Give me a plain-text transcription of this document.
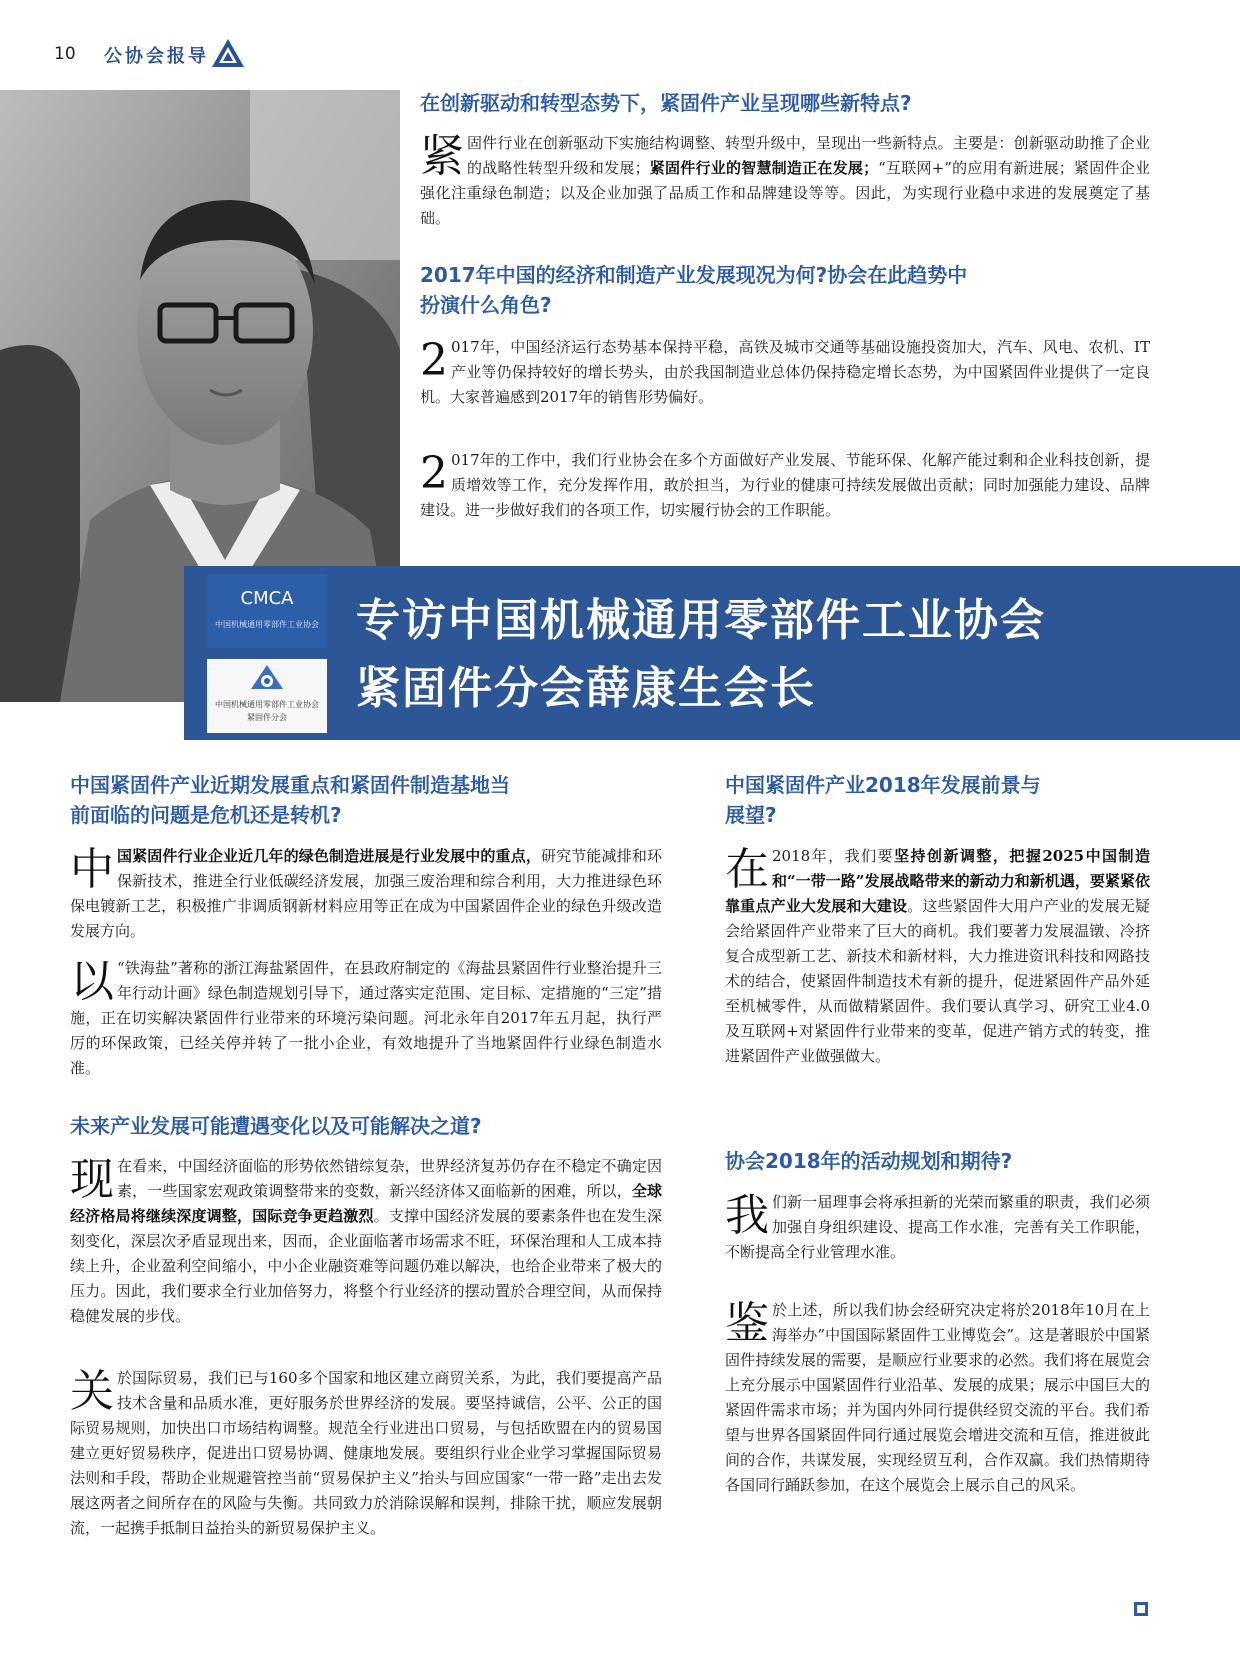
10 公协会报导
在创新驱动和转型态势下，紧固件产业呈现哪些新特点?

紧固件行业在创新驱动下实施结构调整、转型升级中，呈现出一些新特点。主要是：创新驱动助推了企业的战略性转型升级和发展；紧固件行业的智慧制造正在发展；“互联网+”的应用有新进展；紧固件企业强化注重绿色制造；以及企业加强了品质工作和品牌建设等等。因此，为实现行业稳中求进的发展奠定了基础。

2017年中国的经济和制造产业发展现况为何?协会在此趋势中
扮演什么角色?

2 017年，中国经济运行态势基本保持平稳，高铁及城市交通等基础设施投资加大，汽车、风电、农机、IT产业等仍保持较好的增长势头，由於我国制造业总体仍保持稳定增长态势，为中国紧固件业提供了一定良机。大家普遍感到2017年的销售形势偏好。

2 017年的工作中，我们行业协会在多个方面做好产业发展、节能环保、化解产能过剩和企业科技创新，提质增效等工作，充分发挥作用，敢於担当，为行业的健康可持续发展做出贡献；同时加强能力建设、品牌建设。进一步做好我们的各项工作，切实履行协会的工作职能。

CMCA
中国机械通用零部件工业协会
中国机械通用零部件工业协会
紧固件分会
专访中国机械通用零部件工业协会
紧固件分会薛康生会长
中国紧固件产业近期发展重点和紧固件制造基地当
前面临的问题是危机还是转机?

中国紧固件行业企业近几年的绿色制造进展是行业发展中的重点，研究节能减排和环保新技术，推进全行业低碳经济发展，加强三废治理和综合利用，大力推进绿色环保电镀新工艺，积极推广非调质钢新材料应用等正在成为中国紧固件企业的绿色升级改造发展方向。

以 “铁海盐”著称的浙江海盐紧固件，在县政府制定的《海盐县紧固件行业整治提升三年行动计画》绿色制造规划引导下，通过落实定范围、定目标、定措施的“三定”措施，正在切实解决紧固件行业带来的环境污染问题。河北永年自2017年五月起，执行严厉的环保政策，已经关停并转了一批小企业，有效地提升了当地紧固件行业绿色制造水准。

未来产业发展可能遭遇变化以及可能解决之道?

现在看来，中国经济面临的形势依然错综复杂，世界经济复苏仍存在不稳定不确定因素，一些国家宏观政策调整带来的变数，新兴经济体又面临新的困难，所以，全球经济格局将继续深度调整，国际竞争更趋激烈。支撑中国经济发展的要素条件也在发生深刻变化，深层次矛盾显现出来，因而，企业面临著市场需求不旺，环保治理和人工成本持续上升，企业盈利空间缩小，中小企业融资难等问题仍难以解决，也给企业带来了极大的压力。因此，我们要求全行业加倍努力，将整个行业经济的摆动置於合理空间，从而保持稳健发展的步伐。

关於国际贸易，我们已与160多个国家和地区建立商贸关系，为此，我们要提高产品技术含量和品质水准，更好服务於世界经济的发展。要坚持诚信，公平、公正的国际贸易规则，加快出口市场结构调整。规范全行业进出口贸易，与包括欧盟在内的贸易国建立更好贸易秩序，促进出口贸易协调、健康地发展。要组织行业企业学习掌握国际贸易法则和手段，帮助企业规避管控当前“贸易保护主义”抬头与回应国家“一带一路”走出去发展这两者之间所存在的风险与失衡。共同致力於消除误解和误判，排除干扰，顺应发展朝流，一起携手抵制日益抬头的新贸易保护主义。

中国紧固件产业2018年发展前景与
展望?

在 2018年，我们要坚持创新调整，把握2025中国制造和“一带一路”发展战略带来的新动力和新机遇，要紧紧依靠重点产业大发展和大建设。这些紧固件大用户产业的发展无疑会给紧固件产业带来了巨大的商机。我们要著力发展温镦、冷挤复合成型新工艺、新技术和新材料，大力推进资讯科技和网路技术的结合，使紧固件制造技术有新的提升，促进紧固件产品外延至机械零件，从而做精紧固件。我们要认真学习、研究工业4.0及互联网+对紧固件行业带来的变革，促进产销方式的转变，推进紧固件产业做强做大。

协会2018年的活动规划和期待?

我们新一届理事会将承担新的光荣而繁重的职责，我们必须加强自身组织建设、提高工作水准，完善有关工作职能，不断提高全行业管理水准。

鉴於上述，所以我们协会经研究决定将於2018年10月在上海举办”中国国际紧固件工业博览会”。这是著眼於中国紧固件持续发展的需要，是顺应行业要求的必然。我们将在展览会上充分展示中国紧固件行业沿革、发展的成果；展示中国巨大的紧固件需求市场；并为国内外同行提供经贸交流的平台。我们希望与世界各国紧固件同行通过展览会增进交流和互信，推进彼此间的合作，共谋发展，实现经贸互利，合作双赢。我们热情期待各国同行踊跃参加，在这个展览会上展示自己的风采。
